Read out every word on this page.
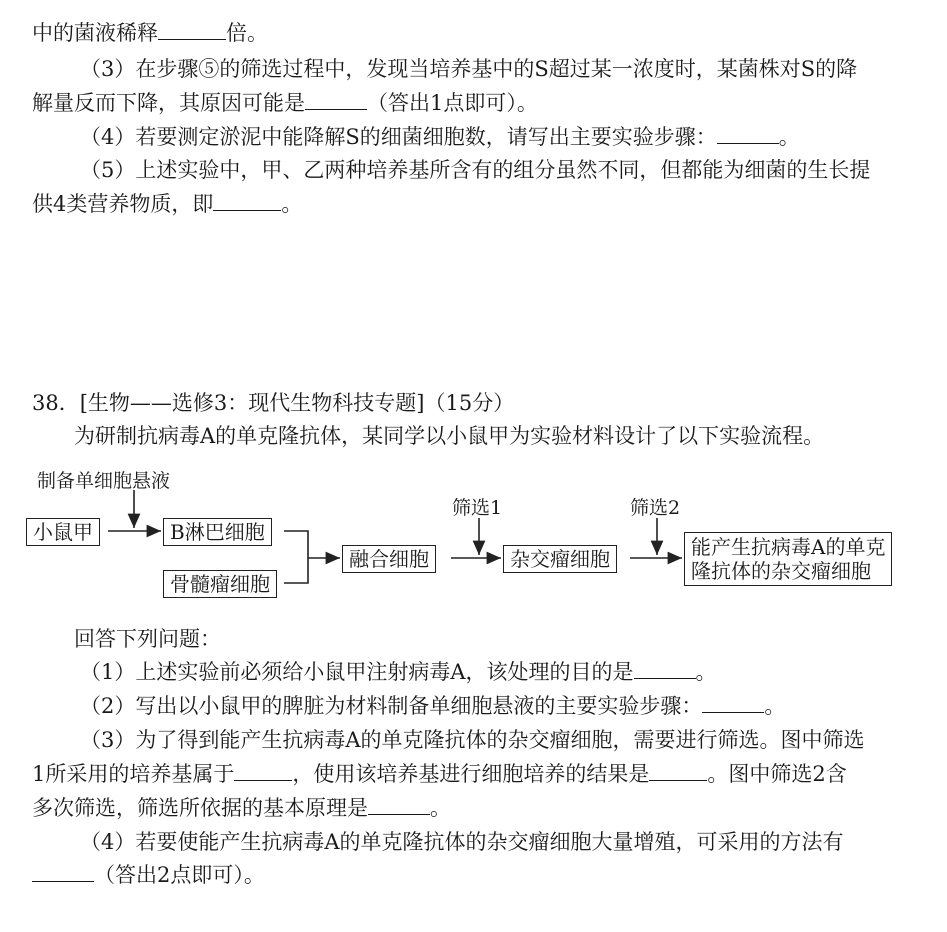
中的菌液稀释	倍。
（3）在步骤⑤的筛选过程中，发现当培养基中的S超过某一浓度时，某菌株对S的降
解量反而下降，其原因可能是	（答出1点即可）。
（4）若要测定淤泥中能降解S的细菌细胞数，请写出主要实验步骤：	。
（5）上述实验中，甲、乙两种培养基所含有的组分虽然不同，但都能为细菌的生长提
供4类营养物质，即	。
38．[生物——选修3：现代生物科技专题]（15分）
为研制抗病毒A的单克隆抗体，某同学以小鼠甲为实验材料设计了以下实验流程。
制备单细胞悬液
小鼠甲	B淋巴细胞
骨髓瘤细胞
融合细胞
筛选1
杂交瘤细胞
筛选2
能产生抗病毒A的单克
隆抗体的杂交瘤细胞
回答下列问题：
（1）上述实验前必须给小鼠甲注射病毒A，该处理的目的是	。
（2）写出以小鼠甲的脾脏为材料制备单细胞悬液的主要实验步骤：	。
（3）为了得到能产生抗病毒A的单克隆抗体的杂交瘤细胞，需要进行筛选。图中筛选
1所采用的培养基属于	，使用该培养基进行细胞培养的结果是	。图中筛选2含
多次筛选，筛选所依据的基本原理是	。
（4）若要使能产生抗病毒A的单克隆抗体的杂交瘤细胞大量增殖，可采用的方法有
（答出2点即可）。
